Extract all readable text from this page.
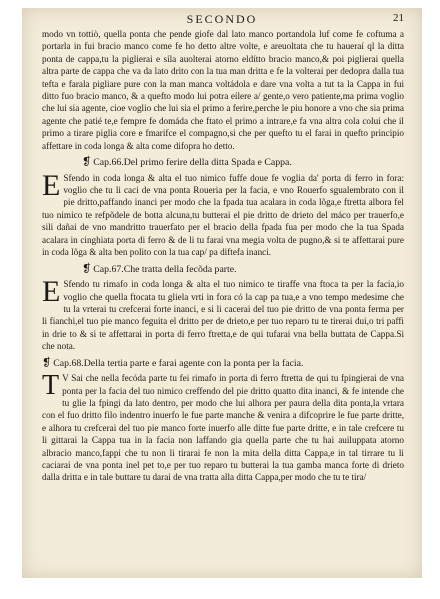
SECONDO	21

modo vn tottiò, quella ponta che pende giofe dal lato manco portandola luf come fe coftuma a portarla in fui bracio manco come fe ho detto altre volte, e areuoltata che tu haueraí ql la ditta ponta de cappa,tu la piglierai e sila auolterai atorno eldítto bracio manco,& poi piglierai quella altra parte de cappa che va da lato drito con la tua man dritta e fe la volterai per dedopra dalla tua tefta e farala pigliare pure con la man manca voltádola e dare vna volta a tut ta la Cappa in fui ditto fuo bracio manco, & a quefto modo lui potra eílere a/ gente,o vero patiente,ma prima voglio che lui sia agente, cioe voglio che lui sia el primo a ferire,perche le piu honore a vno che sia prima agente che patié te,e fempre fe domáda che ftato el primo a intrare,e fa vna altra cola colui che il primo a tirare piglia core e fmarifce el compagno,si che per quefto tu el farai in quefto principio affettare in coda longa & alta come difopra ho detto.

❡ Cap.66.Del primo ferire della ditta Spada e Cappa.
E Sfendo in coda longa & alta el tuo nimico fuffe doue fe voglia da' porta di ferro in fora: voglio che tu li caci de vna ponta Roueria per la facia, e vno Rouerfo sgualembrato con il pie dritto,paffando inanci per modo che la fpada tua acalara in coda lõga,e ftretta albora fel tuo nimico te refpõdele de botta alcuna,tu butterai el pie dritto de drieto del máco per trauerfo,e sili dañai de vno mandritto trauerfato per el bracio della fpada fua per modo che la tua Spada acalara in cinghiata porta di ferro & de li tu farai vna megia volta de pugno,& si te affettarai pure in coda lõga & alta ben polito con la tua cap/ pa diftefa inanci.

❡ Cap.67.Che tratta della fecõda parte.
E Sfendo tu rimafo in coda longa & alta el tuo nimico te tiraffe vna ftoca ta per la facia,io voglio che quella ftocata tu gliela vrti in fora có la cap pa tua,e a vno tempo medesime che tu la vrterai tu crefcerai forte inanci, e si li cacerai del tuo pie dritto de vna ponta ferma per li fianchi,el tuo pie manco feguita el dritto per de drieto,e per tuo reparo tu te tirerai dui,o tri paffi in drie to & si te affettarai in porta di ferro ftretta,e de qui tufarai vna bella buttata de Cappa.Si che nota.

❡ Cap.68.Della tertia parte e farai agente con la ponta per la facia.
T V Sai che nella fecóda parte tu fei rimafo in porta di ferro ftretta de qui tu fpingierai de vna ponta per la facia del tuo nimico creffendo del pie dritto quatto dita inanci, & fe intende che tu glie la fpingi da lato dentro, per modo che lui alhora per paura della dita ponta,la vrtara con el fuo dritto filo indentro inuerfo le fue parte manche & venira a difcoprire le fue parte dritte, e alhora tu crefcerai del tuo pie manco forte inuerfo alle dítte fue parte dritte, e in tale crefcere tu li gittarai la Cappa tua in la facia non laffando gia quella parte che tu hai auiluppata atorno albracio manco,fappi che tu non li tirarai fe non la mita della ditta Cappa,e in tal tirrare tu li caciarai de vna ponta inel pet to,e per tuo reparo tu butterai la tua gamba manca forte di drieto dalla dritta e in tale buttare tu darai de vna tratta alla ditta Cappa,per modo che tu te tira/
